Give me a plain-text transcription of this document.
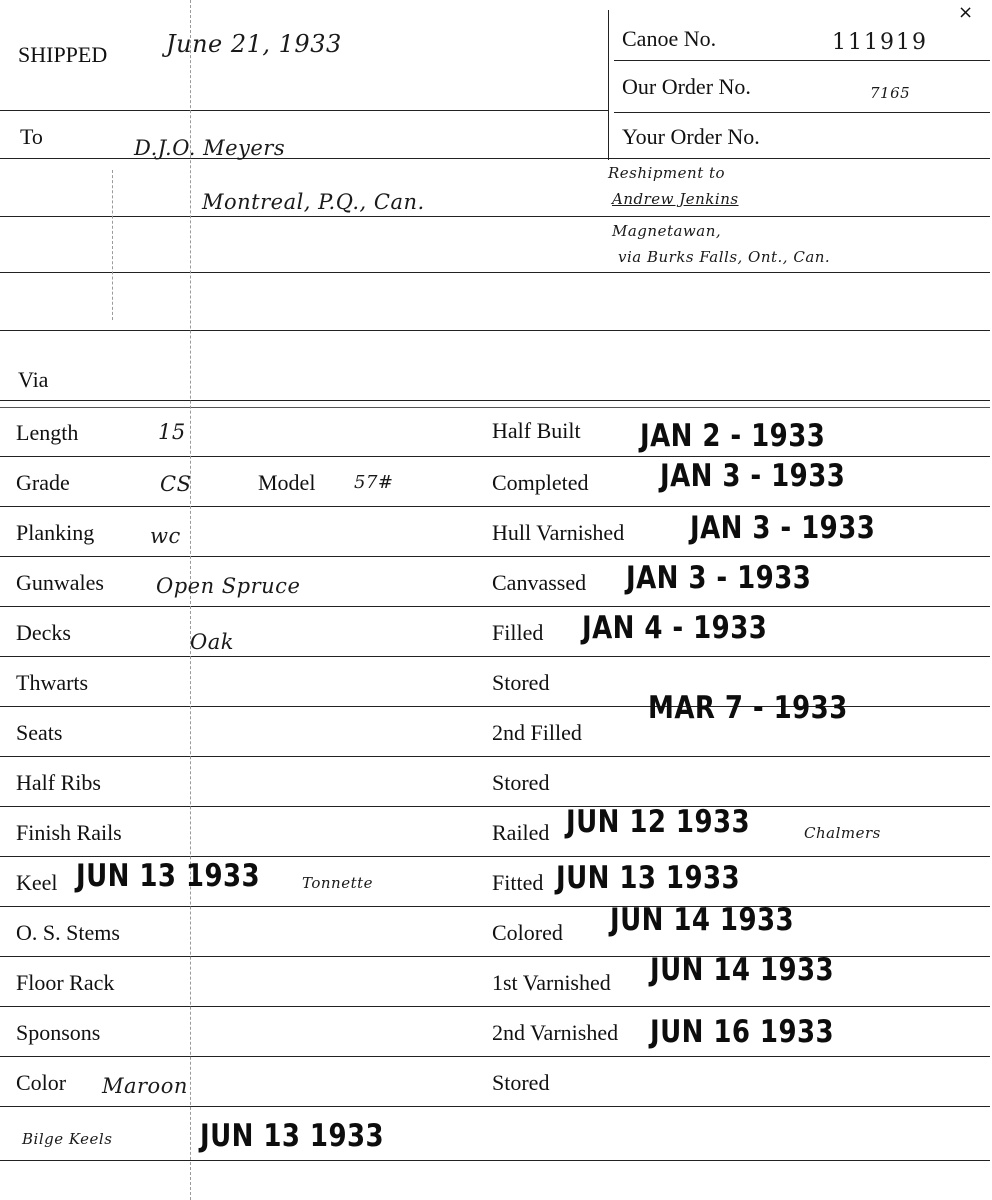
SHIPPED June 21, 1933
To	D.J.O. Meyers
Montreal, P.Q., Can.
Reshipment to
Andrew Jenkins
Magnetawan,
via Burks Falls, Ont., Can.
Via
×
Canoe No.	111919
Our Order No.	7165
Your Order No.
Length	15
Grade	CS	Model 57#
Planking	wc
Gunwales Open Spruce
Decks	Oak
Thwarts
Seats
Half Ribs
Finish Rails
Keel JUN 13 1933	Tonnette
O. S. Stems
Floor Rack
Sponsons
Color Maroon
Half Built JAN 2 - 1933
Completed JAN 3 - 1933
Hull Varnished JAN 3 - 1933
Canvassed JAN 3 - 1933
Filled JAN 4 - 1933
Stored
2nd Filled
MAR 7 - 1933
Stored
Railed JUN 12 1933	Chalmers
Fitted JUN 13 1933
Colored JUN 14 1933
1st Varnished JUN 14 1933
2nd Varnished JUN 16 1933
Stored
Bilge Keels	JUN 13 1933
